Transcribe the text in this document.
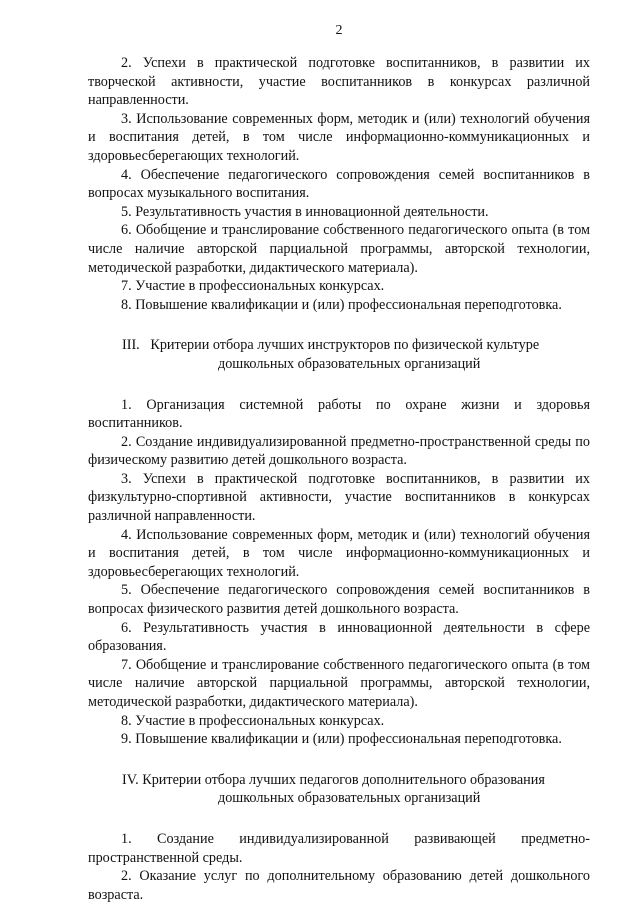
2

2. Успехи в практической подготовке воспитанников, в развитии их творческой активности, участие воспитанников в конкурсах различной направленности.

3. Использование современных форм, методик и (или) технологий обучения и воспитания детей, в том числе информационно-коммуникационных и здоровьесберегающих технологий.

4. Обеспечение педагогического сопровождения семей воспитанников в вопросах музыкального воспитания.

5. Результативность участия в инновационной деятельности.

6. Обобщение и транслирование собственного педагогического опыта (в том числе наличие авторской парциальной программы, авторской технологии, методической разработки, дидактического материала).

7. Участие в профессиональных конкурсах.

8. Повышение квалификации и (или) профессиональная переподготовка.

III.   Критерии отбора лучших инструкторов по физической культуре
дошкольных образовательных организаций

1. Организация системной работы по охране жизни и здоровья воспитанников.

2. Создание индивидуализированной предметно-пространственной среды по физическому развитию детей дошкольного возраста.

3. Успехи в практической подготовке воспитанников, в развитии их физкультурно-спортивной активности, участие воспитанников в конкурсах различной направленности.

4. Использование современных форм, методик и (или) технологий обучения и воспитания детей, в том числе информационно-коммуникационных и здоровьесберегающих технологий.

5. Обеспечение педагогического сопровождения семей воспитанников в вопросах физического развития детей дошкольного возраста.

6. Результативность участия в инновационной деятельности в сфере образования.

7. Обобщение и транслирование собственного педагогического опыта (в том числе наличие авторской парциальной программы, авторской технологии, методической разработки, дидактического материала).

8. Участие в профессиональных конкурсах.

9. Повышение квалификации и (или) профессиональная переподготовка.

IV. Критерии отбора лучших педагогов дополнительного образования
дошкольных образовательных организаций

1. Создание индивидуализированной развивающей предметно-пространственной среды.

2. Оказание услуг по дополнительному образованию детей дошкольного возраста.
